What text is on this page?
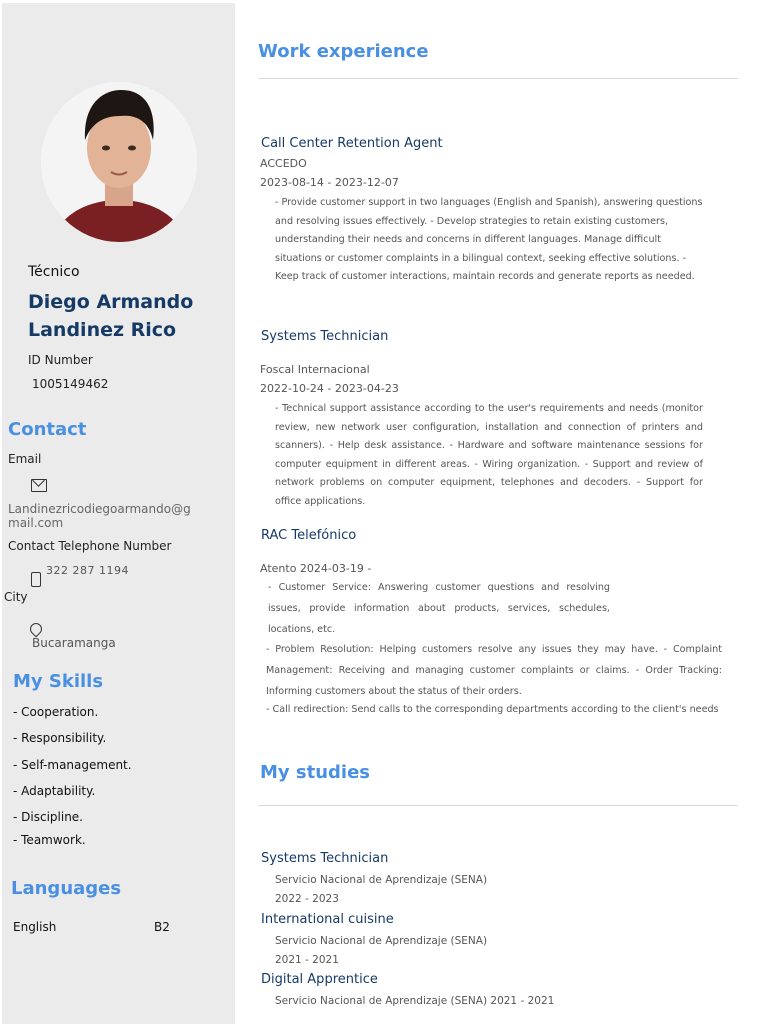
Técnico
Diego Armando Landinez Rico
ID Number
1005149462
Contact
Email
Landinezricodiegoarmando@gmail.com
Contact Telephone Number
322 287 1194
City
Bucaramanga
My Skills
- Cooperation.
- Responsibility.
- Self-management.
- Adaptability.
- Discipline.
- Teamwork.
Languages
English	B2
Work experience
Call Center Retention Agent
ACCEDO
2023-08-14 - 2023-12-07
- Provide customer support in two languages (English and Spanish), answering questions and resolving issues effectively. - Develop strategies to retain existing customers, understanding their needs and concerns in different languages. Manage difficult situations or customer complaints in a bilingual context, seeking effective solutions. - Keep track of customer interactions, maintain records and generate reports as needed.
Systems Technician
Foscal Internacional
2022-10-24 - 2023-04-23
- Technical support assistance according to the user's requirements and needs (monitor review, new network user configuration, installation and connection of printers and scanners). - Help desk assistance. - Hardware and software maintenance sessions for computer equipment in different areas. - Wiring organization. - Support and review of network problems on computer equipment, telephones and decoders. - Support for office applications.
RAC Telefónico
Atento 2024-03-19 -
- Customer Service: Answering customer questions and resolving issues, provide information about products, services, schedules, locations, etc.
- Problem Resolution: Helping customers resolve any issues they may have. - Complaint Management: Receiving and managing customer complaints or claims. - Order Tracking: Informing customers about the status of their orders.
- Call redirection: Send calls to the corresponding departments according to the client's needs
My studies
Systems Technician
Servicio Nacional de Aprendizaje (SENA)
2022 - 2023
International cuisine
Servicio Nacional de Aprendizaje (SENA)
2021 - 2021
Digital Apprentice
Servicio Nacional de Aprendizaje (SENA) 2021 - 2021
